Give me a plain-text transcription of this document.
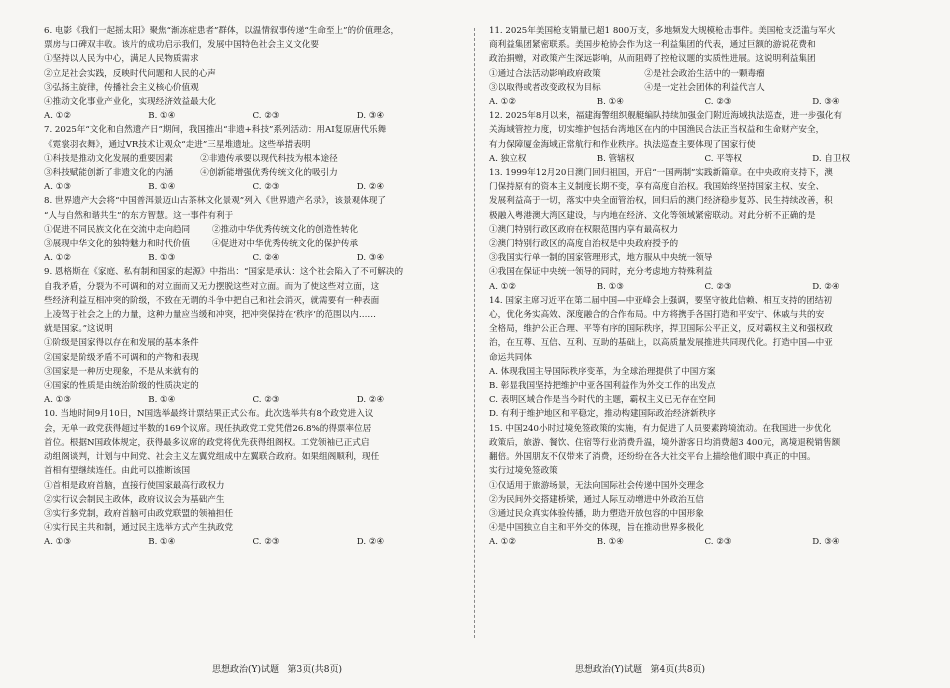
6. 电影《我们一起摇太阳》聚焦“渐冻症患者”群体，以温情叙事传递“生命至上”的价值理念，

票房与口碑双丰收。该片的成功启示我们，发展中国特色社会主义文化要

①坚持以人民为中心，满足人民物质需求

②立足社会实践，反映时代问题和人民的心声

③弘扬主旋律，传播社会主义核心价值观

④推动文化事业产业化，实现经济效益最大化

A. ①②	B. ①④	C. ②③	D. ③④

7. 2025年“文化和自然遗产日”期间，我国推出“非遗+科技”系列活动：用AI复原唐代乐舞

《霓裳羽衣舞》，通过VR技术让观众“走进”三星堆遗址。这些举措表明

①科技是推动文化发展的重要因素          ②非遗传承要以现代科技为根本途径

③科技赋能创新了非遗文化的内涵          ④创新能增强优秀传统文化的吸引力

A. ①③	B. ①④	C. ②③	D. ②④

8. 世界遗产大会将“中国普洱景迈山古茶林文化景观”列入《世界遗产名录》，该景观体现了

“人与自然和谐共生”的东方智慧。这一事件有利于

①促进不同民族文化在交流中走向趋同        ②推动中华优秀传统文化的创造性转化

③展现中华文化的独特魅力和时代价值        ④促进对中华优秀传统文化的保护传承

A. ①②	B. ①③	C. ②④	D. ③④

9. 恩格斯在《家庭、私有制和国家的起源》中指出：“国家是承认：这个社会陷入了不可解决的

自我矛盾，分裂为不可调和的对立面而又无力摆脱这些对立面。而为了使这些对立面，这

些经济利益互相冲突的阶级，不致在无谓的斗争中把自己和社会消灭，就需要有一种表面

上凌驾于社会之上的力量，这种力量应当缓和冲突，把冲突保持在‘秩序’的范围以内……

就是国家。”这说明

①阶级是国家得以存在和发展的基本条件

②国家是阶级矛盾不可调和的产物和表现

③国家是一种历史现象，不是从来就有的

④国家的性质是由统治阶级的性质决定的

A. ①③	B. ①④	C. ②③	D. ②④

10. 当地时间9月10日，N国选举最终计票结果正式公布。此次选举共有8个政党进入议

会，无单一政党获得超过半数的169个议席。现任执政党工党凭借26.8%的得票率位居

首位。根据N国政体规定，获得最多议席的政党将优先获得组阁权。工党领袖已正式启

动组阁谈判，计划与中间党、社会主义左翼党组成中左翼联合政府。如果组阁顺利，现任

首相有望继续连任。由此可以推断该国

①首相是政府首脑，直接行使国家最高行政权力

②实行议会制民主政体，政府议议会为基础产生

③实行多党制，政府首脑可由政党联盟的领袖担任

④实行民主共和制，通过民主选举方式产生执政党

A. ①③	B. ①④	C. ②③	D. ②④

11. 2025年美国枪支销量已超1 800万支，多地频发大规模枪击事件。美国枪支泛滥与军火

商利益集团紧密联系。美国步枪协会作为这一利益集团的代表，通过巨额的游说花费和

政治捐赠，对政策产生深远影响，从而阻碍了控枪议题的实质性进展。这说明利益集团

①通过合法活动影响政府政策                ②是社会政治生活中的一颗毒瘤

③以取得或者改变政权为目标                ④是一定社会团体的利益代言人

A. ①②	B. ①④	C. ②③	D. ③④

12. 2025年8月以来，福建海警组织舰艇编队持续加强金门附近海域执法巡查，进一步强化有

关海域管控力度，切实维护包括台湾地区在内的中国渔民合法正当权益和生命财产安全，

有力保障厦金海域正常航行和作业秩序。执法巡查主要体现了国家行使

A. 独立权	B. 管辖权	C. 平等权	D. 自卫权

13. 1999年12月20日澳门回归祖国，开启“一国两制”实践新篇章。在中央政府支持下，澳

门保持原有的资本主义制度长期不变，享有高度自治权。我国始终坚持国家主权、安全、

发展利益高于一切，落实中央全面管治权，回归后的澳门经济稳步复苏、民生持续改善，积

极融入粤港澳大湾区建设，与内地在经济、文化等领域紧密联动。对此分析不正确的是

①澳门特别行政区政府在权限范围内享有最高权力

②澳门特别行政区的高度自治权是中央政府授予的

③我国实行单一制的国家管理形式，地方服从中央统一领导

④我国在保证中央统一领导的同时，充分考虑地方特殊利益

A. ①②	B. ①③	C. ②③	D. ②④

14. 国家主席习近平在第二届中国—中亚峰会上强调，要坚守彼此信赖、相互支持的团结初

心，优化务实高效、深度融合的合作布局。中方将携手各国打造和平安宁、休戚与共的安

全格局，维护公正合理、平等有序的国际秩序，捍卫国际公平正义，反对霸权主义和强权政

治，在互尊、互信、互利、互助的基础上，以高质量发展推进共同现代化。打造中国—中亚

命运共同体

A. 体现我国主导国际秩序变革，为全球治理提供了中国方案

B. 彰显我国坚持把维护中亚各国利益作为外交工作的出发点

C. 表明区域合作是当今时代的主题，霸权主义已无存在空间

D. 有利于维护地区和平稳定，推动构建国际政治经济新秩序

15. 中国240小时过境免签政策的实施，有力促进了人员要素跨境流动。在我国进一步优化

政策后，旅游、餐饮、住宿等行业消费升温，境外游客日均消费超3 400元，离境退税销售额

翻倍。外国朋友不仅带来了消费，还纷纷在各大社交平台上描绘他们眼中真正的中国。

实行过境免签政策

①仅适用于旅游场景，无法向国际社会传递中国外交理念

②为民间外交搭建桥梁，通过人际互动增进中外政治互信

③通过民众真实体验传播，助力塑造开放包容的中国形象

④是中国独立自主和平外交的体现，旨在推动世界多极化

A. ①②	B. ①④	C. ②③	D. ③④
思想政治(Y)试题   第3页(共8页)	思想政治(Y)试题   第4页(共8页)
